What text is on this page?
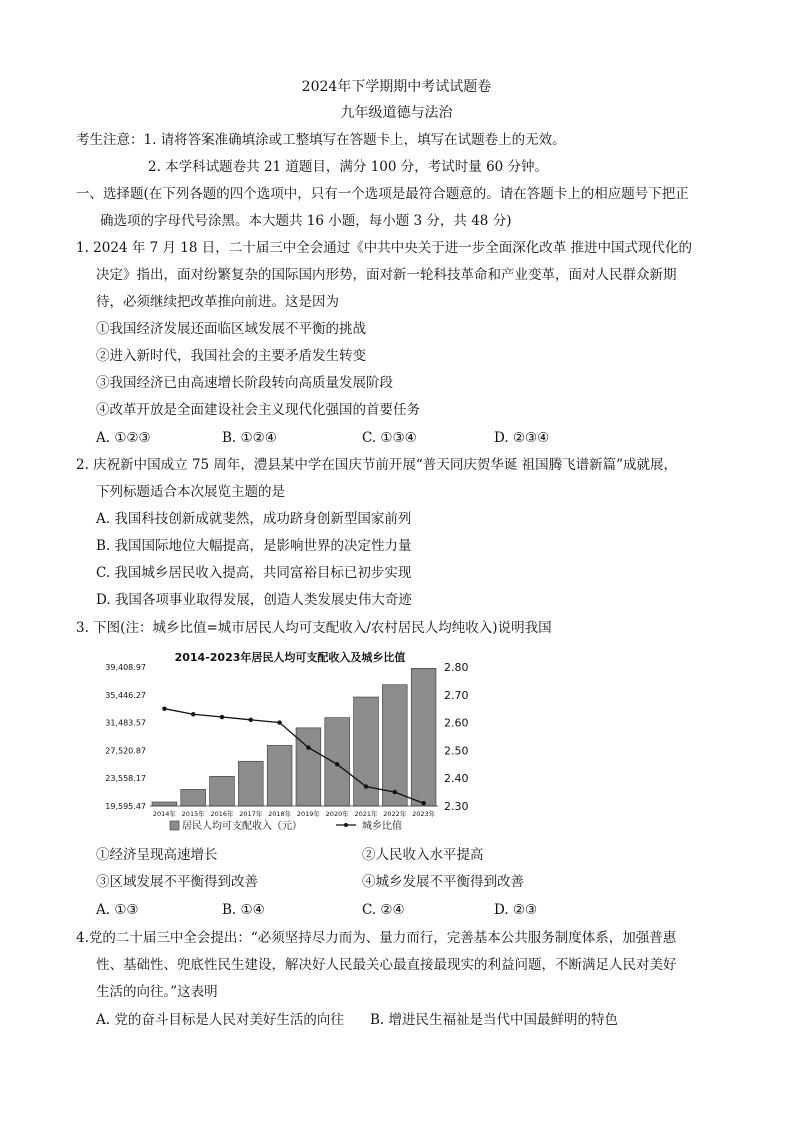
2024年下学期期中考试试题卷
九年级道德与法治
考生注意：1. 请将答案准确填涂或工整填写在答题卡上，填写在试题卷上的无效。
2. 本学科试题卷共 21 道题目，满分 100 分，考试时量 60 分钟。
一、选择题(在下列各题的四个选项中，只有一个选项是最符合题意的。请在答题卡上的相应题号下把正
确选项的字母代号涂黑。本大题共 16 小题，每小题 3 分，共 48 分)
1. 2024 年 7 月 18 日，二十届三中全会通过《中共中央关于进一步全面深化改革 推进中国式现代化的
决定》指出，面对纷繁复杂的国际国内形势，面对新一轮科技革命和产业变革，面对人民群众新期
待，必须继续把改革推向前进。这是因为
①我国经济发展还面临区域发展不平衡的挑战
②进入新时代，我国社会的主要矛盾发生转变
③我国经济已由高速增长阶段转向高质量发展阶段
④改革开放是全面建设社会主义现代化强国的首要任务
A. ①②③	B. ①②④	C. ①③④	D. ②③④
2. 庆祝新中国成立 75 周年，澧县某中学在国庆节前开展“普天同庆贺华诞 祖国腾飞谱新篇”成就展，
下列标题适合本次展览主题的是
A. 我国科技创新成就斐然，成功跻身创新型国家前列
B. 我国国际地位大幅提高，是影响世界的决定性力量
C. 我国城乡居民收入提高，共同富裕目标已初步实现
D. 我国各项事业取得发展，创造人类发展史伟大奇迹
3. 下图(注：城乡比值=城市居民人均可支配收入/农村居民人均纯收入)说明我国
2014-2023年居民人均可支配收入及城乡比值
39,408.97
35,446.27
31,483.57
27,520.87
23,558.17
19,595.47
2.80
2.70
2.60
2.50
2.40
2.30
2014年 2015年 2016年 2017年 2018年 2019年 2020年 2021年 2022年 2023年
居民人均可支配收入（元）	城乡比值
①经济呈现高速增长	②人民收入水平提高
③区域发展不平衡得到改善	④城乡发展不平衡得到改善
A. ①③	B. ①④	C. ②④	D. ②③
4.党的二十届三中全会提出：“必须坚持尽力而为、量力而行，完善基本公共服务制度体系，加强普惠
性、基础性、兜底性民生建设，解决好人民最关心最直接最现实的利益问题，不断满足人民对美好
生活的向往。”这表明
A. 党的奋斗目标是人民对美好生活的向往 B. 增进民生福祉是当代中国最鲜明的特色
